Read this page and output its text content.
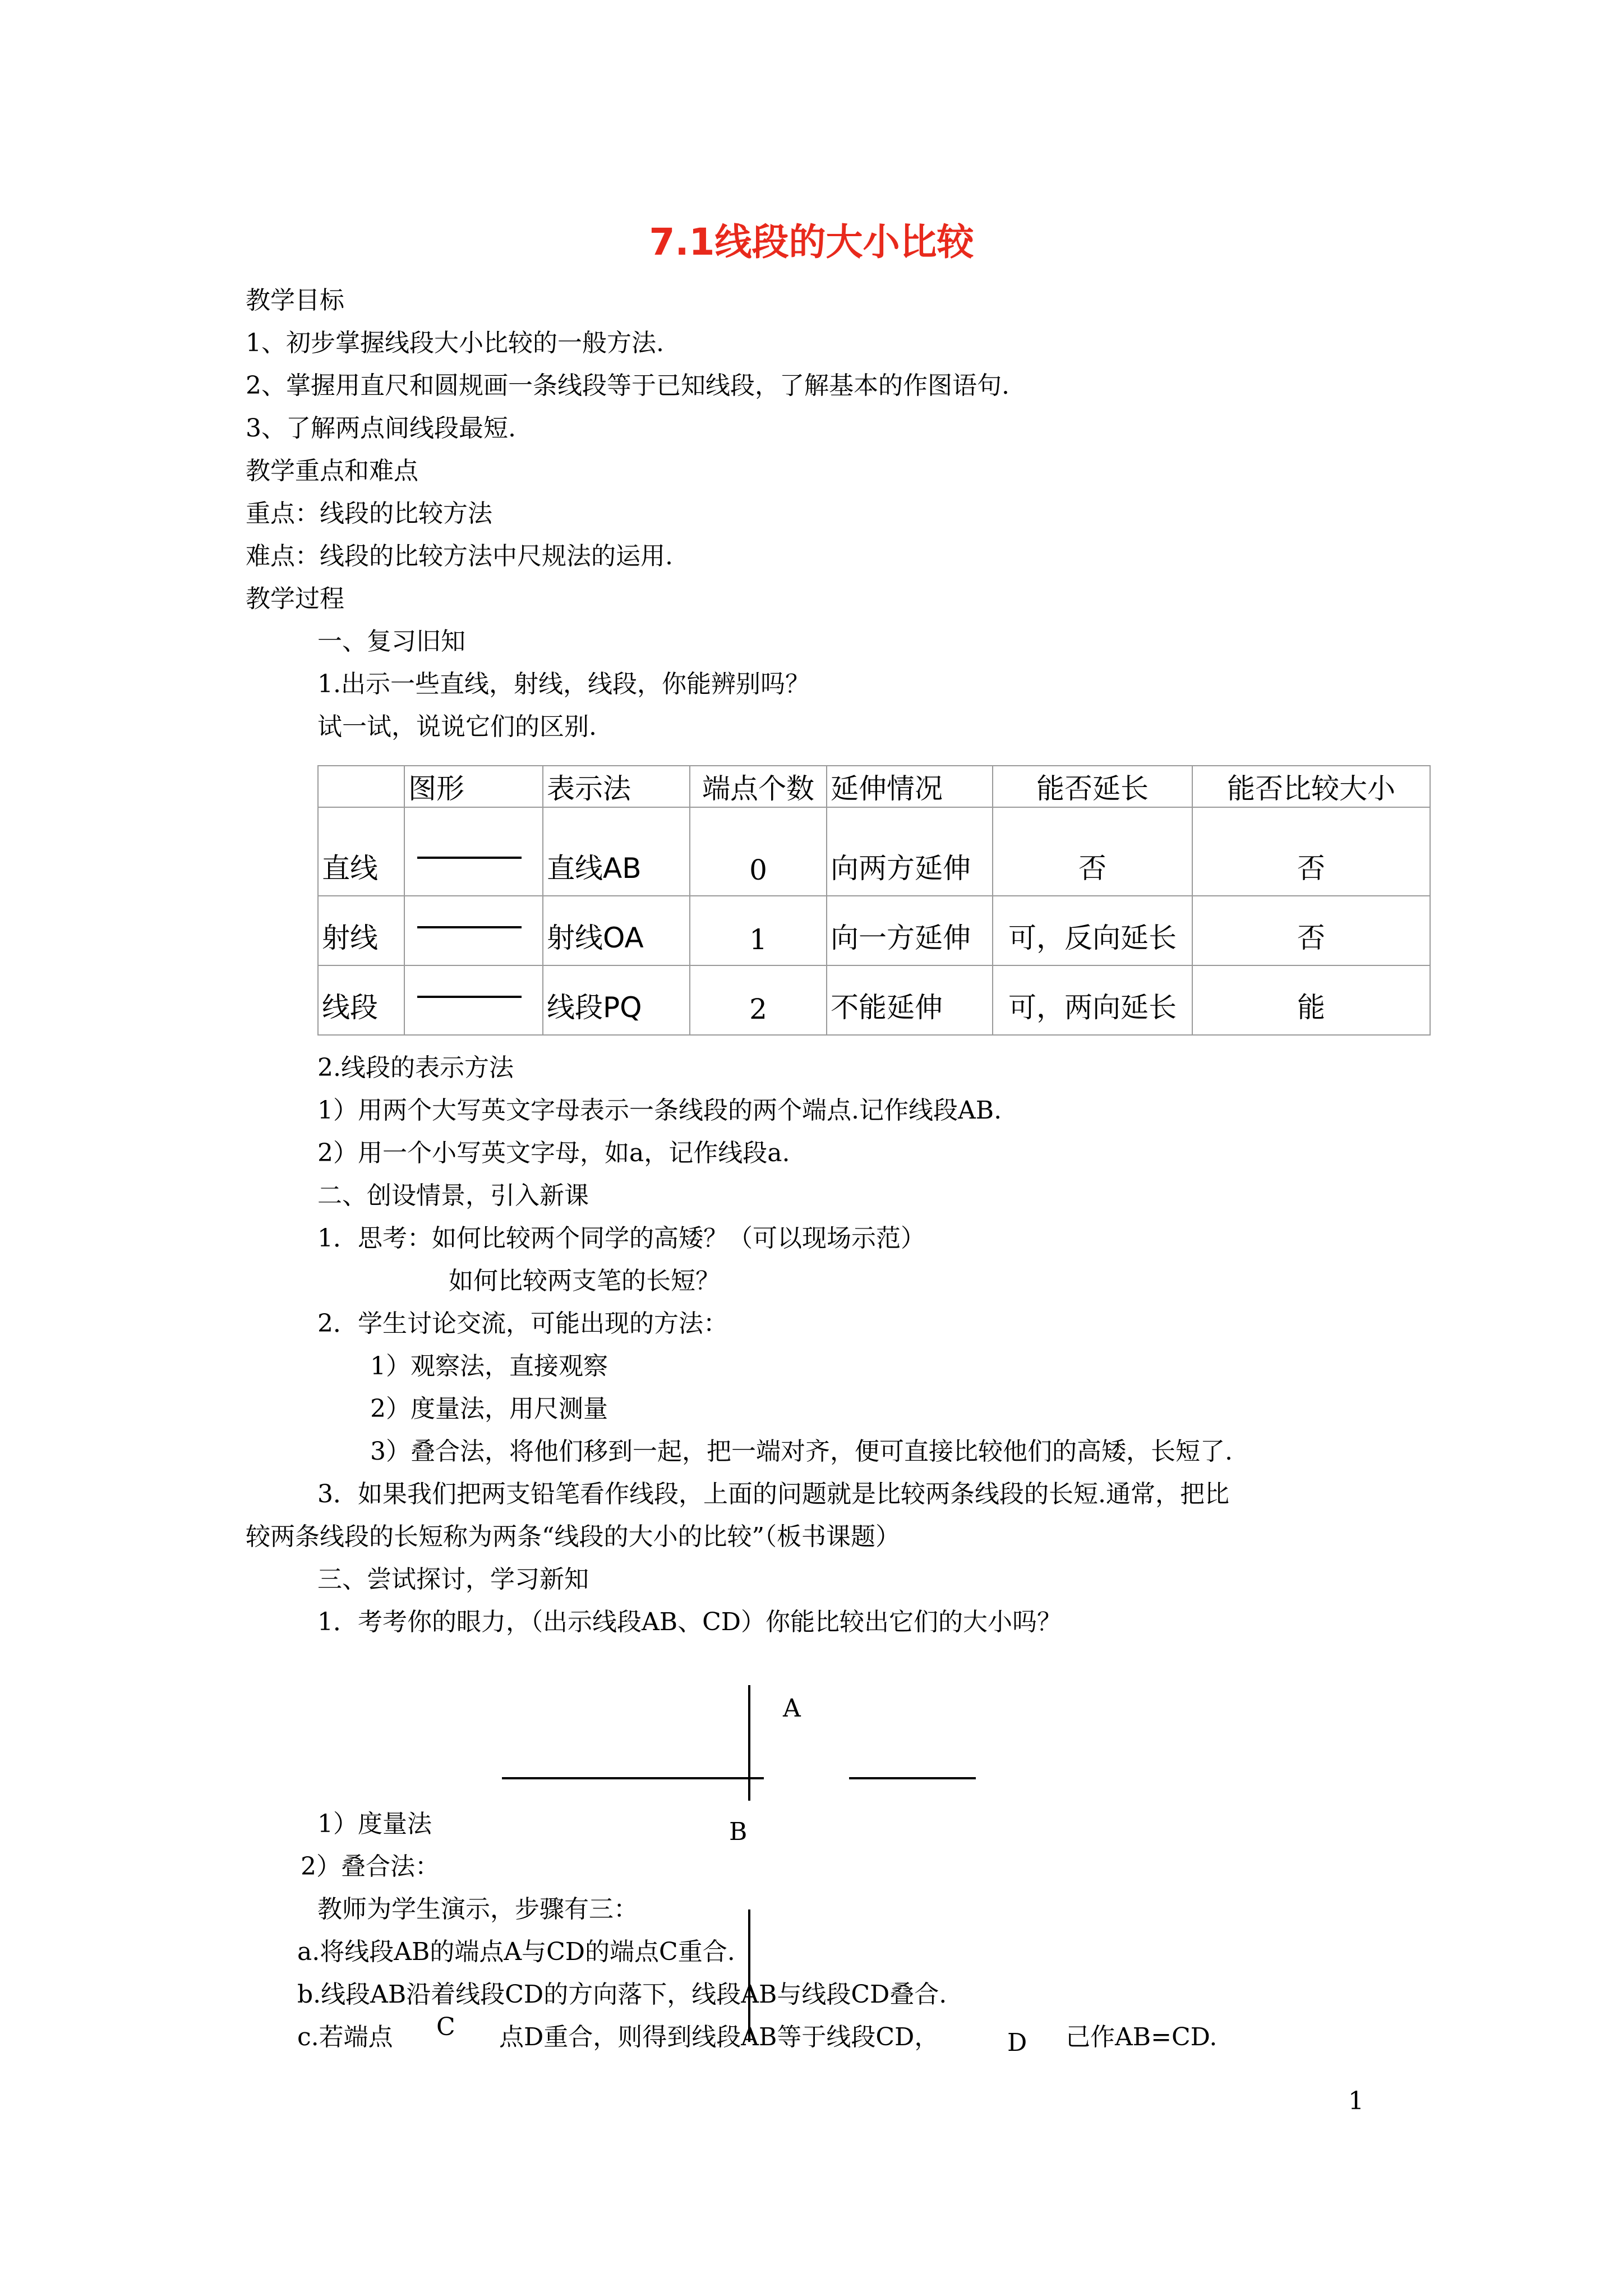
7.1线段的大小比较
教学目标
1、初步掌握线段大小比较的一般方法.
2、掌握用直尺和圆规画一条线段等于已知线段，了解基本的作图语句.
3、了解两点间线段最短.
教学重点和难点
重点：线段的比较方法
难点：线段的比较方法中尺规法的运用.
教学过程
一、复习旧知
1.出示一些直线，射线，线段，你能辨别吗？
试一试，说说它们的区别.
	图形	表示法	端点个数	延伸情况	能否延长	能否比较大小
直线		直线AB	0	向两方延伸	否	否
射线		射线OA	1	向一方延伸	可，反向延长	否
线段		线段PQ	2	不能延伸	可，两向延长	能
2.线段的表示方法
1）用两个大写英文字母表示一条线段的两个端点.记作线段AB.
2）用一个小写英文字母，如a，记作线段a.
二、创设情景，引入新课
1．思考：如何比较两个同学的高矮？（可以现场示范）
如何比较两支笔的长短？
2．学生讨论交流，可能出现的方法：
1）观察法，直接观察
2）度量法，用尺测量
3）叠合法，将他们移到一起，把一端对齐，便可直接比较他们的高矮，长短了.
3．如果我们把两支铅笔看作线段，上面的问题就是比较两条线段的长短.通常，把比
较两条线段的长短称为两条“线段的大小的比较”（板书课题）
三、尝试探讨，学习新知
1．考考你的眼力，（出示线段AB、CD）你能比较出它们的大小吗？
A
B
1）度量法
2）叠合法：
教师为学生演示，步骤有三：
a.将线段AB的端点A与CD的端点C重合.
b.线段AB沿着线段CD的方向落下，线段AB与线段CD叠合.
c.若端点 C 点D重合，则得到线段AB等于线段CD，	D 己作AB=CD.
1
